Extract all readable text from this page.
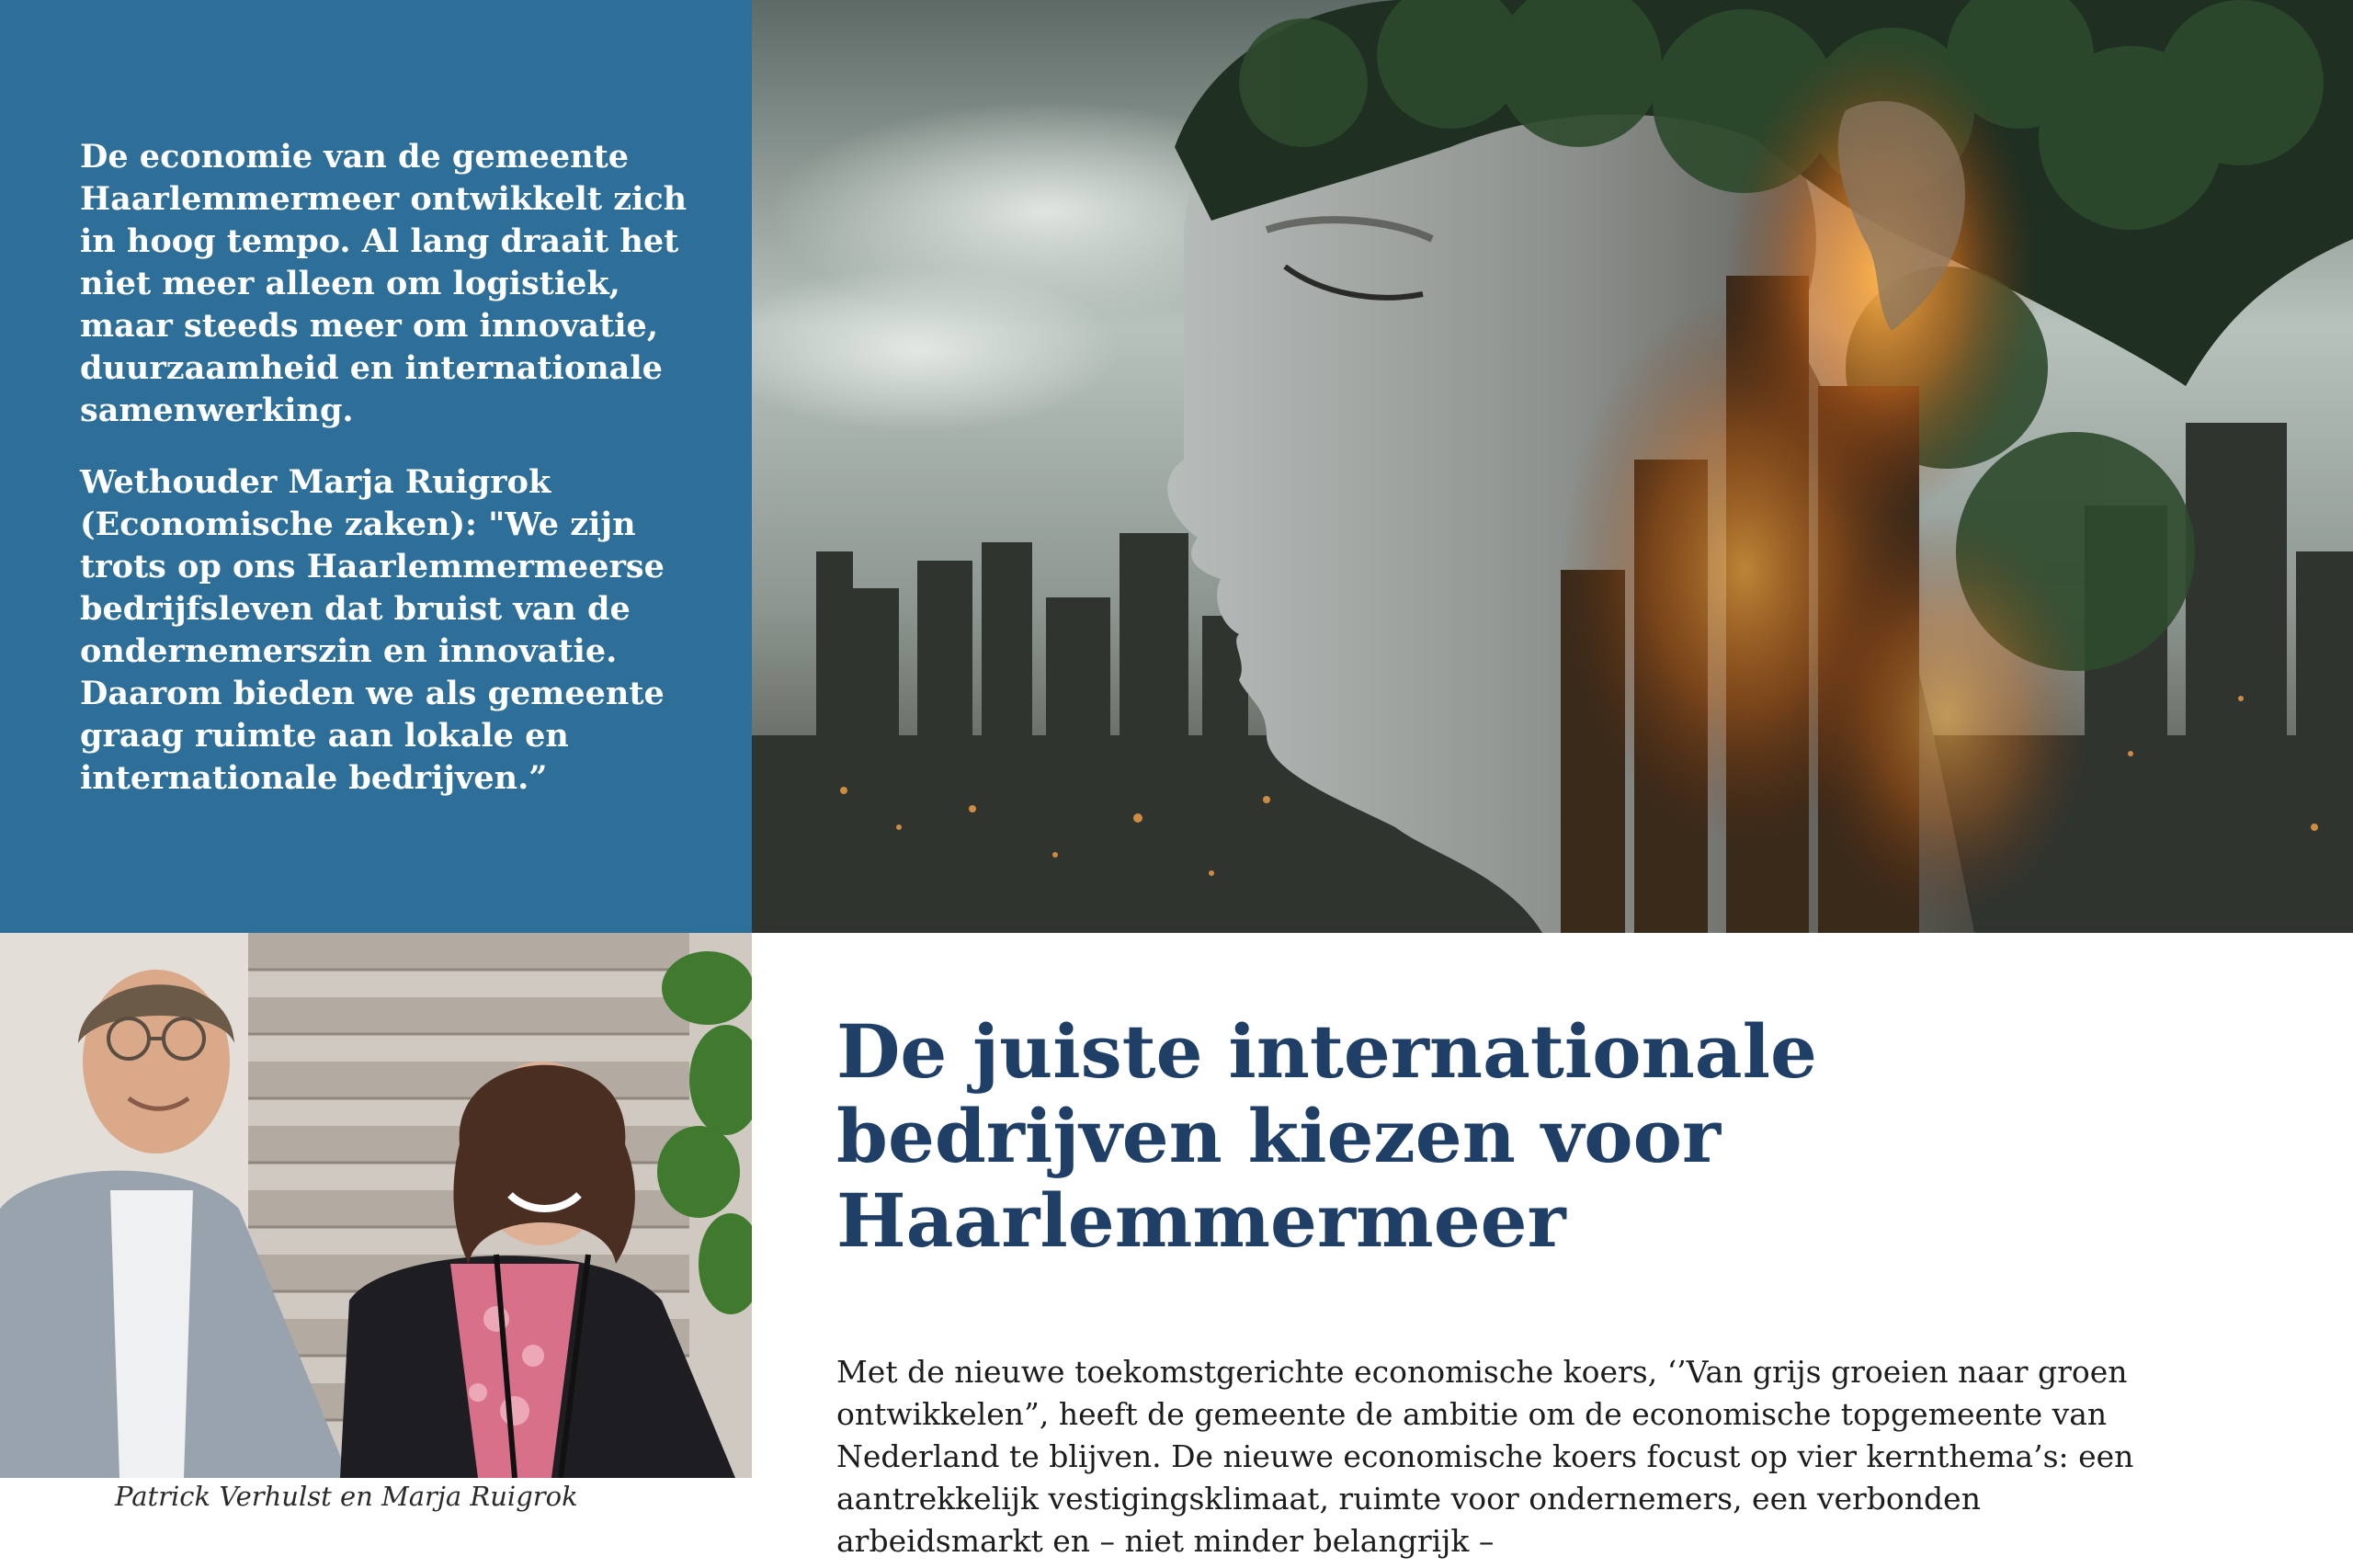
De economie van de gemeente Haarlemmermeer ontwikkelt zich in hoog tempo. Al lang draait het niet meer alleen om logistiek, maar steeds meer om innovatie, duurzaamheid en internationale samenwerking.

Wethouder Marja Ruigrok (Economische zaken): "We zijn trots op ons Haarlemmermeerse bedrijfsleven dat bruist van de ondernemerszin en innovatie. Daarom bieden we als gemeente graag ruimte aan lokale en internationale bedrijven.”

Patrick Verhulst en Marja Ruigrok
De juiste internationale bedrijven kiezen voor Haarlemmermeer

Met de nieuwe toekomstgerichte economische koers, ‘’Van grijs groeien naar groen ontwikkelen”, heeft de gemeente de ambitie om de economische topgemeente van Nederland te blijven. De nieuwe economische koers focust op vier kernthema’s: een aantrekkelijk vestigingsklimaat, ruimte voor ondernemers, een verbonden arbeidsmarkt en – niet minder belangrijk –
